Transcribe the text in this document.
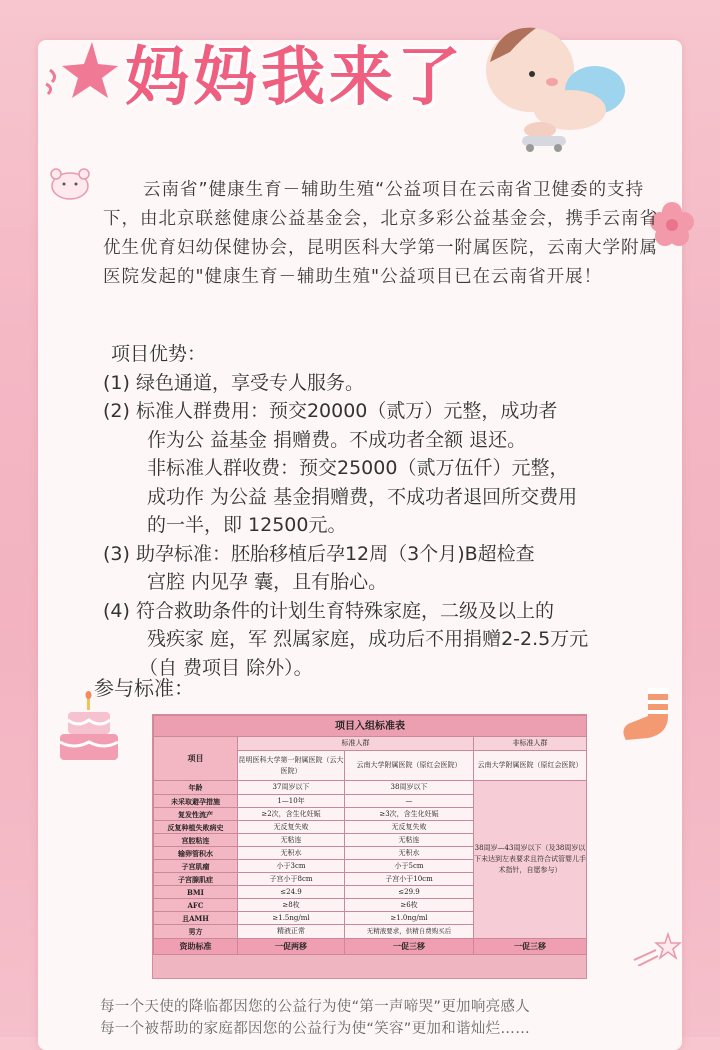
妈妈我来了
云南省”健康生育－辅助生殖“公益项目在云南省卫健委的支持下，由北京联慈健康公益基金会，北京多彩公益基金会，携手云南省优生优育妇幼保健协会，昆明医科大学第一附属医院，云南大学附属医院发起的"健康生育－辅助生殖"公益项目已在云南省开展！
项目优势：
(1) 绿色通道，享受专人服务。
(2) 标准人群费用：预交20000（贰万）元整，成功者
作为公 益基金 捐赠费。不成功者全额 退还。
非标准人群收费：预交25000（贰万伍仟）元整，
成功作 为公益 基金捐赠费，不成功者退回所交费用
的一半，即 12500元。
(3) 助孕标准：胚胎移植后孕12周（3个月)B超检查
宫腔 内见孕 囊，且有胎心。
(4) 符合救助条件的计划生育特殊家庭，二级及以上的
残疾家 庭，军 烈属家庭，成功后不用捐赠2-2.5万元
（自 费项目 除外）。
参与标准：
项目入组标准表			
项目	标准人群		非标准人群
	昆明医科大学第一附属医院（云大医院）	云南大学附属医院（原红会医院）	云南大学附属医院（原红会医院）
年龄	37周岁以下	38周岁以下	38周岁—43周岁以下（及38周岁以下未达到左表要求且符合试管婴儿手术指针，自愿参与）
未采取避孕措施	1—10年	—	
复发性流产	≥2次，含生化妊娠	≥3次，含生化妊娠	
反复种植失败病史	无反复失败	无反复失败	
宫腔粘连	无粘连	无粘连	
输卵管积水	无积水	无积水	
子宫肌瘤	小于3cm	小于5cm	
子宫腺肌症	子宫小于8cm	子宫小于10cm	
BMI	≤24.9	≤29.9	
AFC	≥8枚	≥6枚	
且AMH	≥1.5ng/ml	≥1.0ng/ml	
男方	精液正常	无精液要求，供精自费购买后	
资助标准	一促两移	一促三移	一促三移
每一个天使的降临都因您的公益行为使“第一声啼哭”更加响亮感人
每一个被帮助的家庭都因您的公益行为使“笑容”更加和谐灿烂……
